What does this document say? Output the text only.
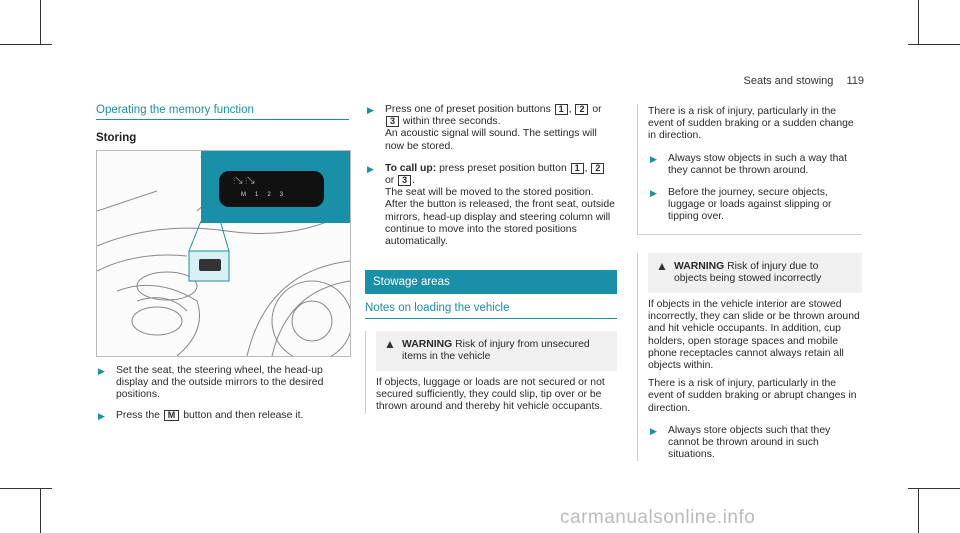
Seats and stowing 119
Operating the memory function
Storing
⫶↘ ⫶↘
M123
▶ Set the seat, the steering wheel, the head-up display and the outside mirrors to the desired positions.
▶ Press the M button and then release it.
▶ Press one of preset position buttons 1 , 2 or 3 within three seconds.
An acoustic signal will sound. The settings will now be stored.
▶ To call up: press preset position button 1 , 2 or 3 .
The seat will be moved to the stored position. After the button is released, the front seat, outside mirrors, head-up display and steering column will continue to move into the stored positions automatically.
Stowage areas
Notes on loading the vehicle
▲ WARNING Risk of injury from unsecured items in the vehicle
If objects, luggage or loads are not secured or not secured sufficiently, they could slip, tip over or be thrown around and thereby hit vehicle occupants.
There is a risk of injury, particularly in the event of sudden braking or a sudden change in direction.
▶ Always stow objects in such a way that they cannot be thrown around.
▶ Before the journey, secure objects, luggage or loads against slipping or tipping over.
▲ WARNING Risk of injury due to objects being stowed incorrectly
If objects in the vehicle interior are stowed incorrectly, they can slide or be thrown around and hit vehicle occupants. In addition, cup holders, open storage spaces and mobile phone receptacles cannot always retain all objects within.
There is a risk of injury, particularly in the event of sudden braking or abrupt changes in direction.
▶ Always store objects such that they cannot be thrown around in such situations.
carmanualsonline.info
